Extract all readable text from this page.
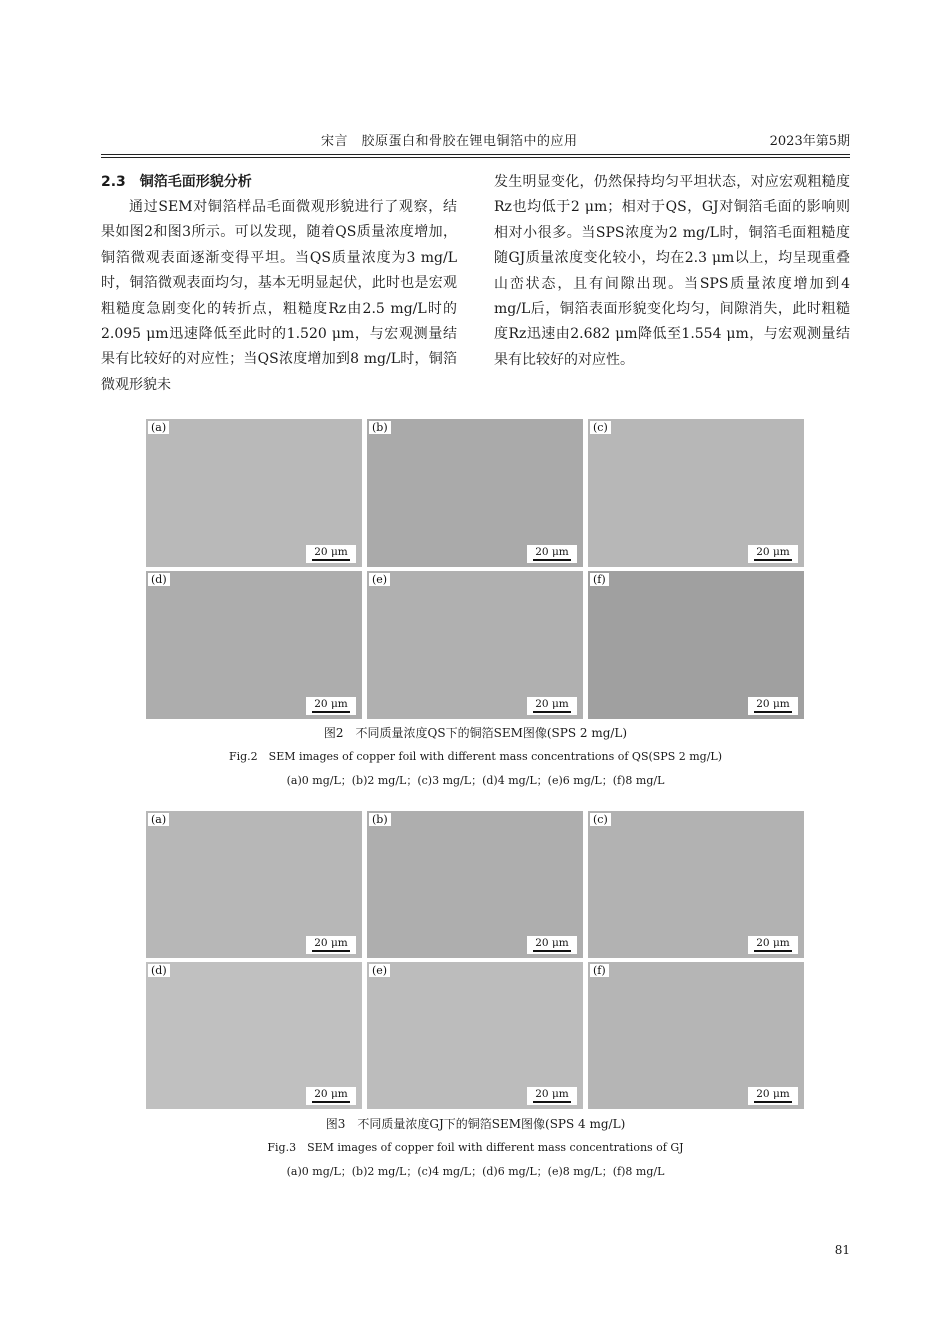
宋言　胶原蛋白和骨胶在锂电铜箔中的应用	2023年第5期

2.3　铜箔毛面形貌分析

通过SEM对铜箔样品毛面微观形貌进行了观察，结果如图2和图3所示。可以发现，随着QS质量浓度增加，铜箔微观表面逐渐变得平坦。当QS质量浓度为3 mg/L时，铜箔微观表面均匀，基本无明显起伏，此时也是宏观粗糙度急剧变化的转折点，粗糙度Rz由2.5 mg/L时的2.095 μm迅速降低至此时的1.520 μm，与宏观测量结果有比较好的对应性；当QS浓度增加到8 mg/L时，铜箔微观形貌未

发生明显变化，仍然保持均匀平坦状态，对应宏观粗糙度Rz也均低于2 μm；相对于QS，GJ对铜箔毛面的影响则相对小很多。当SPS浓度为2 mg/L时，铜箔毛面粗糙度随GJ质量浓度变化较小，均在2.3 μm以上，均呈现重叠山峦状态，且有间隙出现。当SPS质量浓度增加到4 mg/L后，铜箔表面形貌变化均匀，间隙消失，此时粗糙度Rz迅速由2.682 μm降低至1.554 μm，与宏观测量结果有比较好的对应性。

(a)
20 μm
(b)
20 μm
(c)
20 μm
(d)
20 μm
(e)
20 μm
(f)
20 μm
图2　不同质量浓度QS下的铜箔SEM图像(SPS 2 mg/L)
Fig.2　SEM images of copper foil with different mass concentrations of QS(SPS 2 mg/L)
(a)0 mg/L；(b)2 mg/L；(c)3 mg/L；(d)4 mg/L；(e)6 mg/L；(f)8 mg/L
(a)
20 μm
(b)
20 μm
(c)
20 μm
(d)
20 μm
(e)
20 μm
(f)
20 μm
图3　不同质量浓度GJ下的铜箔SEM图像(SPS 4 mg/L)
Fig.3　SEM images of copper foil with different mass concentrations of GJ
(a)0 mg/L；(b)2 mg/L；(c)4 mg/L；(d)6 mg/L；(e)8 mg/L；(f)8 mg/L
81
